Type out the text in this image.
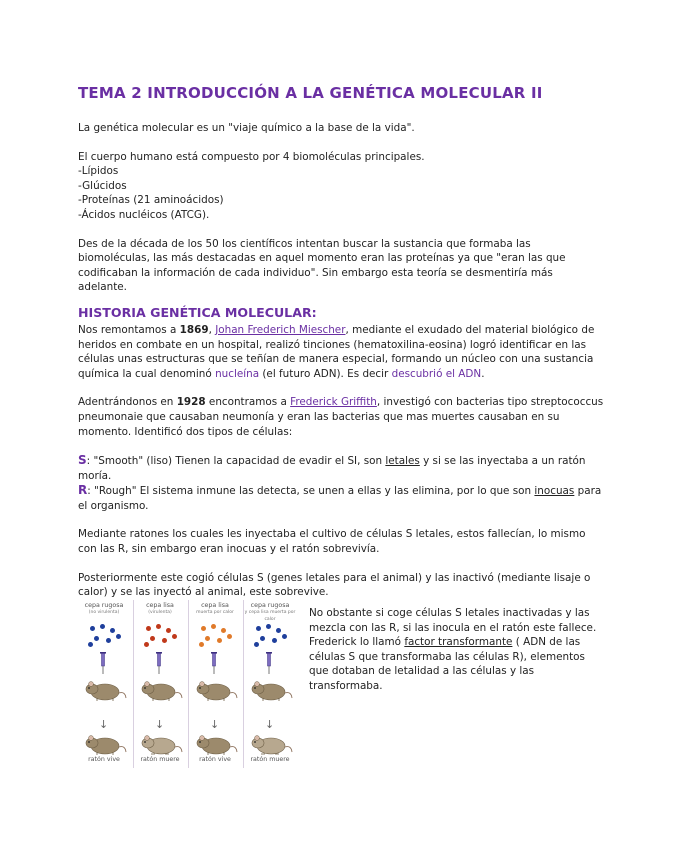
TEMA 2 INTRODUCCIÓN A LA GENÉTICA MOLECULAR II

La genética molecular es un "viaje químico a la base de la vida".

El cuerpo humano está compuesto por 4 biomoléculas principales.

-Lípidos

-Glúcidos

-Proteínas (21 aminoácidos)

-Ácidos nucléicos (ATCG).

Des de la década de los 50 los científicos intentan buscar la sustancia que formaba las biomoléculas, las más destacadas en aquel momento eran las proteínas ya que "eran las que codificaban la información de cada individuo". Sin embargo esta teoría se desmentiría más adelante.

HISTORIA GENÉTICA MOLECULAR:

Nos remontamos a 1869, Johan Frederich Miescher, mediante el exudado del material biológico de heridos en combate en un hospital, realizó tinciones (hematoxilina-eosina) logró identificar en las células unas estructuras que se teñían de manera especial, formando un núcleo con una sustancia química la cual denominó nucleína (el futuro ADN). Es decir descubrió el ADN.

Adentrándonos en 1928 encontramos a Frederick Griffith, investigó con bacterias tipo streptococcus pneumonaie que causaban neumonía y eran las bacterias que mas muertes causaban en su momento. Identificó dos tipos de células:

S: "Smooth" (liso) Tienen la capacidad de evadir el SI, son letales y si se las inyectaba a un ratón moría.

R: "Rough" El sistema inmune las detecta, se unen a ellas y las elimina, por lo que son inocuas para el organismo.

Mediante ratones los cuales les inyectaba el cultivo de células S letales, estos fallecían, lo mismo con las R, sin embargo eran inocuas y el ratón sobrevivía.

Posteriormente este cogió células S (genes letales para el animal) y las inactivó (mediante lisaje o calor) y se las inyectó al animal, este sobrevive.

cepa rugosa
(no virulenta)
↓
ratón vive
cepa lisa
(virulenta)
↓
ratón muere
cepa lisa
muerta por calor
↓
ratón vive
cepa rugosa
y cepa lisa muerta por calor
↓
ratón muere

No obstante si coge células S letales inactivadas y las mezcla con las R, si las inocula en el ratón este fallece. Frederick lo llamó factor transformante ( ADN de las células S que transformaba las células R), elementos que dotaban de letalidad a las células y las transformaba.
